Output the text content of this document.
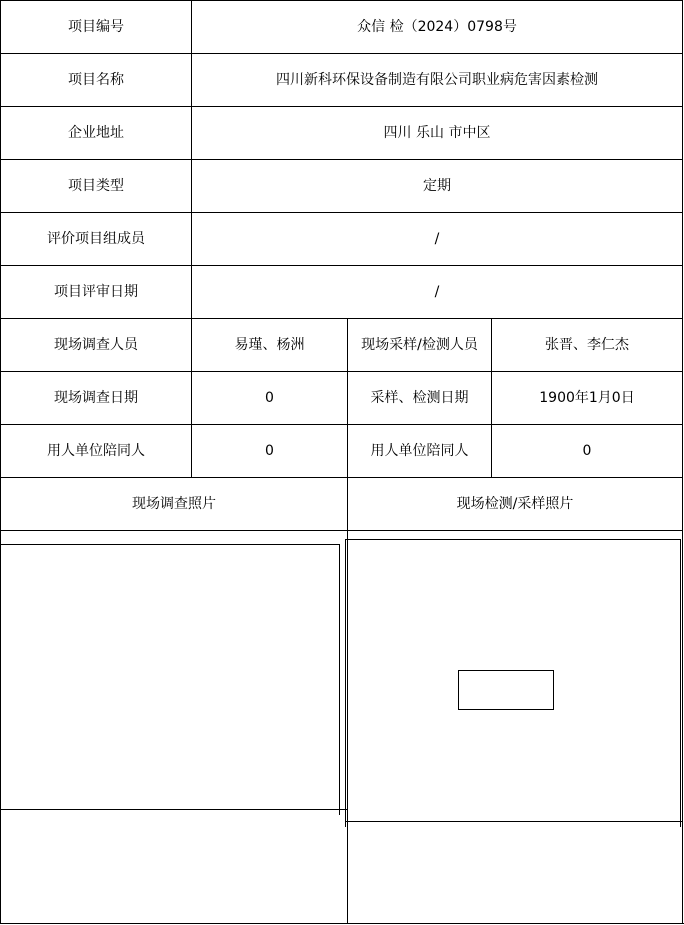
项目编号	众信 检（2024）0798号
项目名称	四川新科环保设备制造有限公司职业病危害因素检测
企业地址	四川 乐山 市中区
项目类型	定期
评价项目组成员	/
项目评审日期	/
现场调查人员	易瑾、杨洲	现场采样/检测人员	张晋、李仁杰
现场调查日期	0	采样、检测日期	1900年1月0日
用人单位陪同人	0	用人单位陪同人	0
现场调查照片	现场检测/采样照片
